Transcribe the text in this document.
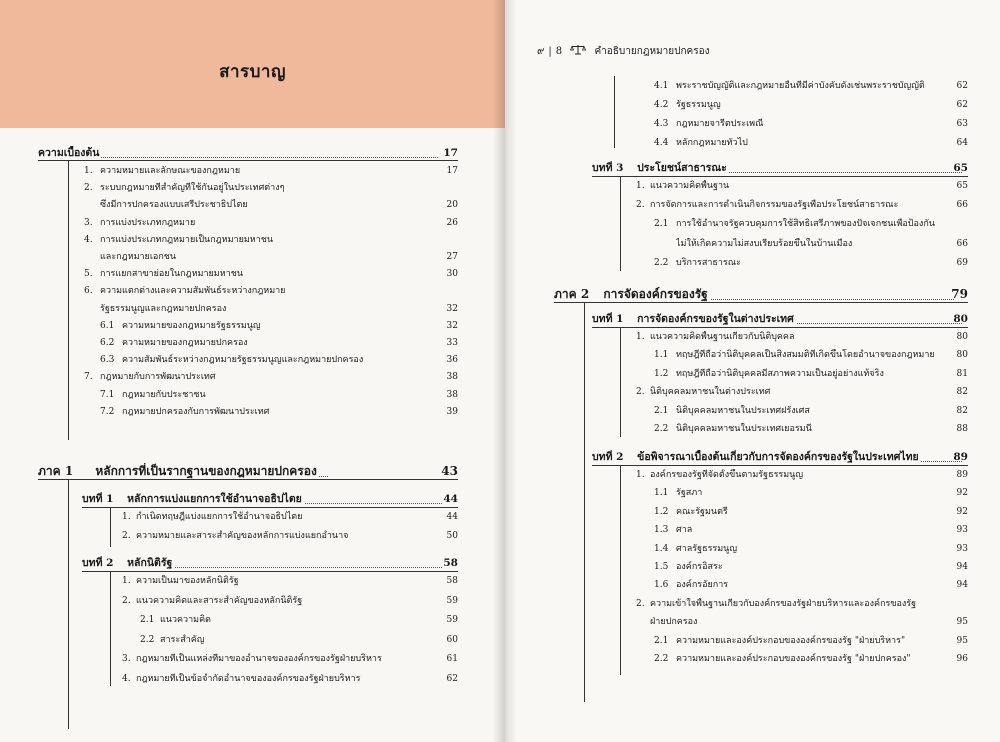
สารบาญ
ความเบื้องต้น	17
1. ความหมายและลักษณะของกฎหมาย	17
2. ระบบกฎหมายที่สำคัญที่ใช้กันอยู่ในประเทศต่างๆ
ซึ่งมีการปกครองแบบเสรีประชาธิปไตย	20
3. การแบ่งประเภทกฎหมาย	26
4. การแบ่งประเภทกฎหมายเป็นกฎหมายมหาชน
และกฎหมายเอกชน	27
5. การแยกสาขาย่อยในกฎหมายมหาชน	30
6. ความแตกต่างและความสัมพันธ์ระหว่างกฎหมาย
รัฐธรรมนูญและกฎหมายปกครอง	32
6.1 ความหมายของกฎหมายรัฐธรรมนูญ	32
6.2 ความหมายของกฎหมายปกครอง	33
6.3 ความสัมพันธ์ระหว่างกฎหมายรัฐธรรมนูญและกฎหมายปกครอง	36
7. กฎหมายกับการพัฒนาประเทศ	38
7.1 กฎหมายกับประชาชน	38
7.2 กฎหมายปกครองกับการพัฒนาประเทศ	39
ภาค 1 หลักการที่เป็นรากฐานของกฎหมายปกครอง	43
บทที่ 1 หลักการแบ่งแยกการใช้อำนาจอธิปไตย	44
1. กำเนิดทฤษฎีแบ่งแยกการใช้อำนาจอธิปไตย	44
2. ความหมายและสาระสำคัญของหลักการแบ่งแยกอำนาจ	50
บทที่ 2 หลักนิติรัฐ	58
1. ความเป็นมาของหลักนิติรัฐ	58
2. แนวความคิดและสาระสำคัญของหลักนิติรัฐ	59
2.1 แนวความคิด	59
2.2 สาระสำคัญ	60
3. กฎหมายที่เป็นแหล่งที่มาของอำนาจขององค์กรของรัฐฝ่ายบริหาร	61
4. กฎหมายที่เป็นข้อจำกัดอำนาจขององค์กรของรัฐฝ่ายบริหาร	62
๙ | 8	คำอธิบายกฎหมายปกครอง
4.1 พระราชบัญญัติและกฎหมายอื่นที่มีค่าบังคับดังเช่นพระราชบัญญัติ	62
4.2 รัฐธรรมนูญ	62
4.3 กฎหมายจารีตประเพณี	63
4.4 หลักกฎหมายทั่วไป	64
บทที่ 3 ประโยชน์สาธารณะ	65
1. แนวความคิดพื้นฐาน	65
2. การจัดการและการดำเนินกิจกรรมของรัฐเพื่อประโยชน์สาธารณะ	66
2.1 การใช้อำนาจรัฐควบคุมการใช้สิทธิเสรีภาพของปัจเจกชนเพื่อป้องกัน
ไม่ให้เกิดความไม่สงบเรียบร้อยขึ้นในบ้านเมือง	66
2.2 บริการสาธารณะ	69
ภาค 2 การจัดองค์กรของรัฐ	79
บทที่ 1 การจัดองค์กรของรัฐในต่างประเทศ	80
1. แนวความคิดพื้นฐานเกี่ยวกับนิติบุคคล	80
1.1 ทฤษฎีที่ถือว่านิติบุคคลเป็นสิ่งสมมติที่เกิดขึ้นโดยอำนาจของกฎหมาย	80
1.2 ทฤษฎีที่ถือว่านิติบุคคลมีสภาพความเป็นอยู่อย่างแท้จริง	81
2. นิติบุคคลมหาชนในต่างประเทศ	82
2.1 นิติบุคคลมหาชนในประเทศฝรั่งเศส	82
2.2 นิติบุคคลมหาชนในประเทศเยอรมนี	88
บทที่ 2 ข้อพิจารณาเบื้องต้นเกี่ยวกับการจัดองค์กรของรัฐในประเทศไทย	89
1. องค์กรของรัฐที่จัดตั้งขึ้นตามรัฐธรรมนูญ	89
1.1 รัฐสภา	92
1.2 คณะรัฐมนตรี	92
1.3 ศาล	93
1.4 ศาลรัฐธรรมนูญ	93
1.5 องค์กรอิสระ	94
1.6 องค์กรอัยการ	94
2. ความเข้าใจพื้นฐานเกี่ยวกับองค์กรของรัฐฝ่ายบริหารและองค์กรของรัฐ
ฝ่ายปกครอง	95
2.1 ความหมายและองค์ประกอบขององค์กรของรัฐ "ฝ่ายบริหาร"	95
2.2 ความหมายและองค์ประกอบขององค์กรของรัฐ "ฝ่ายปกครอง"	96
